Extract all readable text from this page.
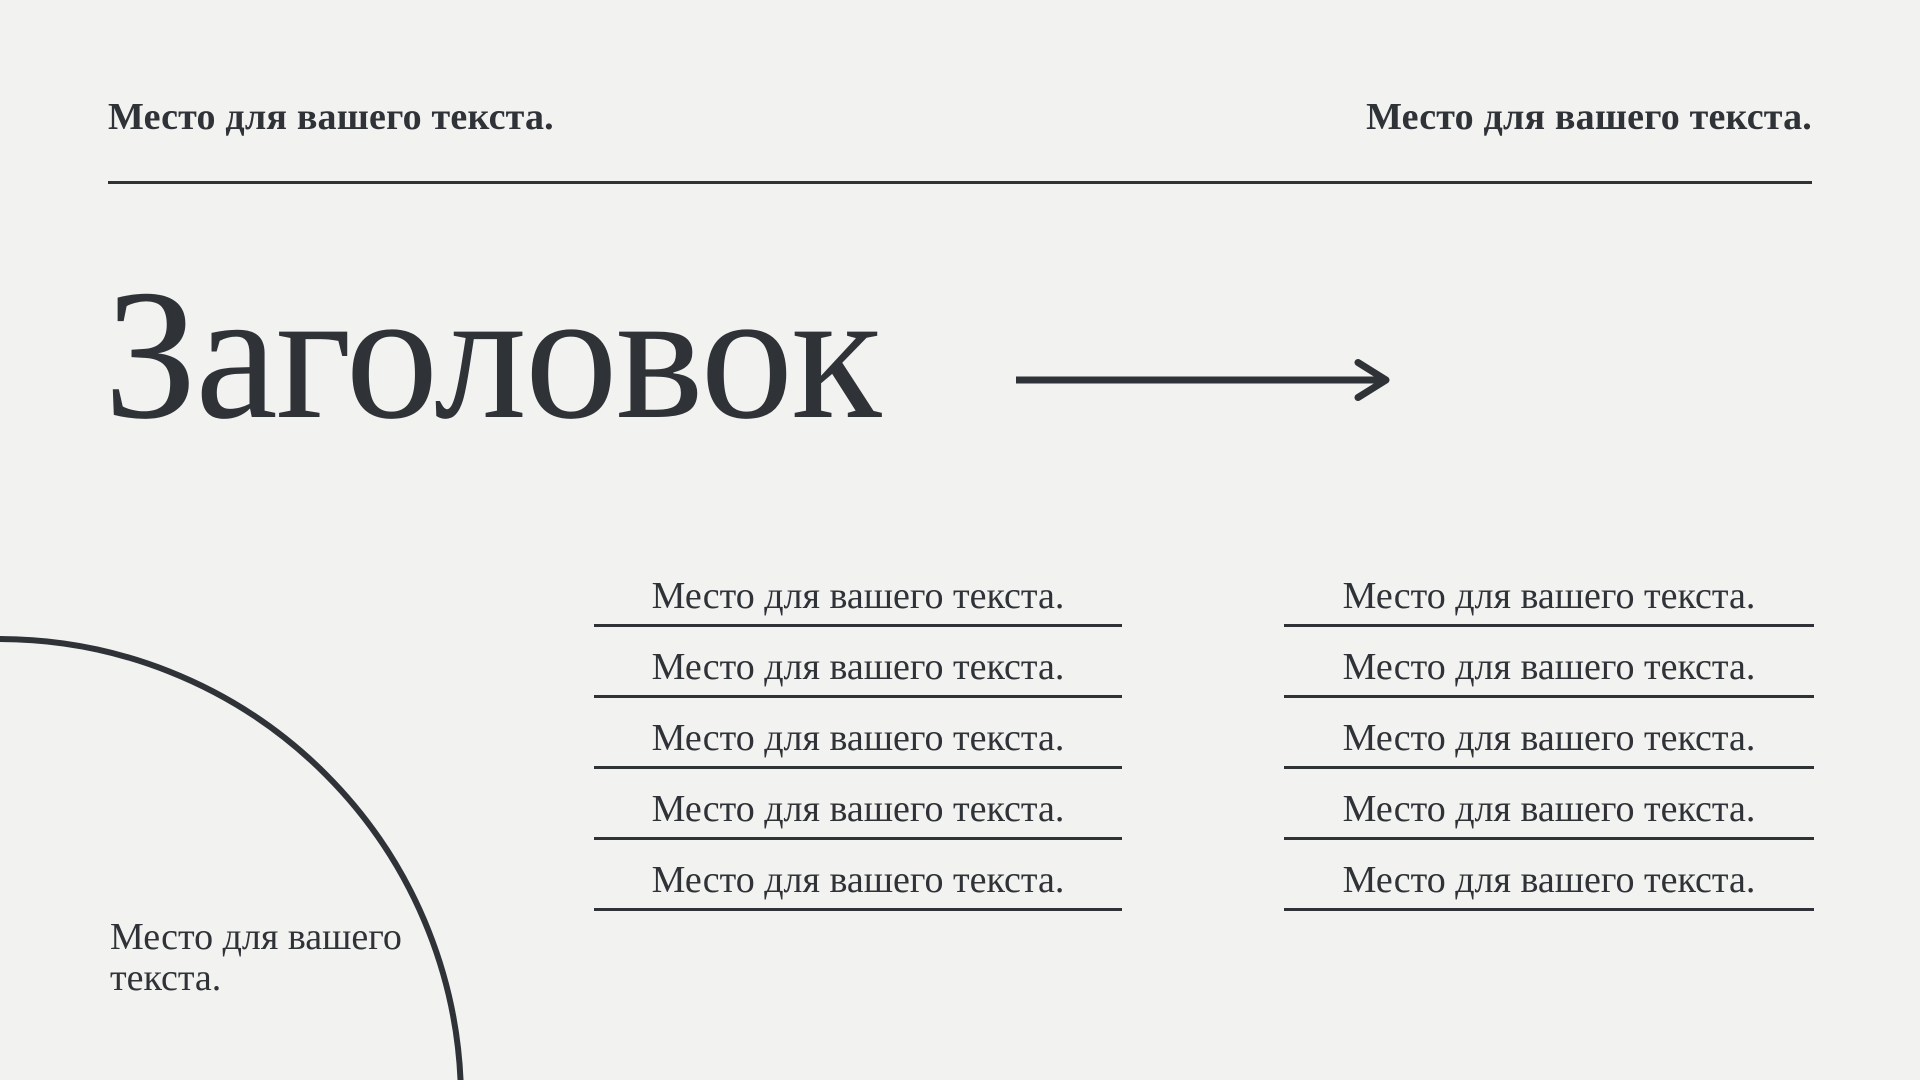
Место для вашего текста.	Место для вашего текста.
Заголовок
Место для вашего текста.
Место для вашего текста.
Место для вашего текста.
Место для вашего текста.
Место для вашего текста.
Место для вашего текста.
Место для вашего текста.
Место для вашего текста.
Место для вашего текста.
Место для вашего текста.

Место для вашего текста.
